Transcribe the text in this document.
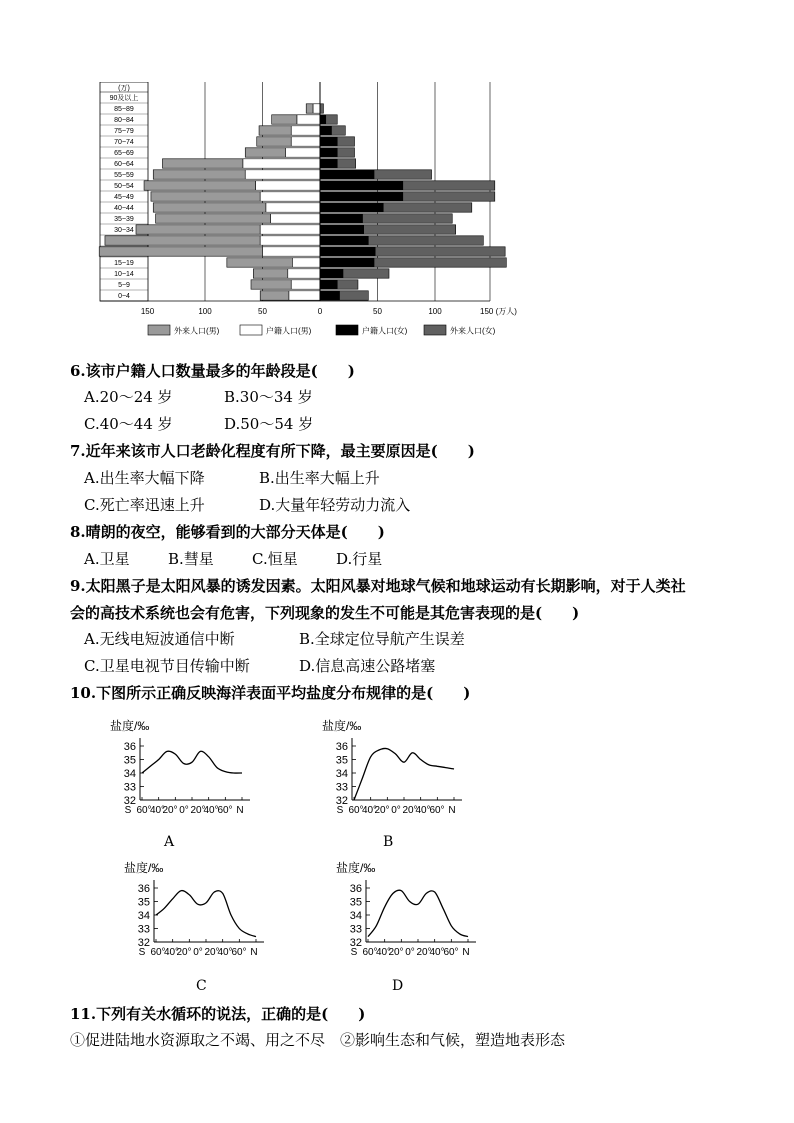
(万)
0~4
5~9
10~14
15~19
30~34
35~39
40~44
45~49
50~54
55~59
60~64
65~69
70~74
75~79
80~84
85~89
90及以上
150	100	50	0	50	100	150 (万人)
外来人口(男)	户籍人口(男)	户籍人口(女)	外来人口(女)
6.该市户籍人口数量最多的年龄段是(　　)
A.20～24 岁	B.30～34 岁
C.40～44 岁	D.50～54 岁
7.近年来该市人口老龄化程度有所下降，最主要原因是(　　)
A.出生率大幅下降	B.出生率大幅上升
C.死亡率迅速上升	D.大量年轻劳动力流入
8.晴朗的夜空，能够看到的大部分天体是(　　)
A.卫星	B.彗星	C.恒星	D.行星
9.太阳黑子是太阳风暴的诱发因素。太阳风暴对地球气候和地球运动有长期影响，对于人类社
会的高技术系统也会有危害，下列现象的发生不可能是其危害表现的是(　　)
A.无线电短波通信中断	B.全球定位导航产生误差
C.卫星电视节目传输中断	D.信息高速公路堵塞
10.下图所示正确反映海洋表面平均盐度分布规律的是(　　)
盐度/‰
36
35
34
33
32
S 60°
40°
20° 0° 20°
40°
60° N
盐度/‰
36
35
34
33
32
S 60°
40°
20° 0° 20°
40°
60° N
盐度/‰
36
35
34
33
32
S 60°
40°
20° 0° 20°
40°
60° N
盐度/‰
36
35
34
33
32
S 60°
40°
20° 0° 20°
40°
60° N
A	B
C	D
11.下列有关水循环的说法，正确的是(　　)
①促进陆地水资源取之不竭、用之不尽　②影响生态和气候，塑造地表形态
